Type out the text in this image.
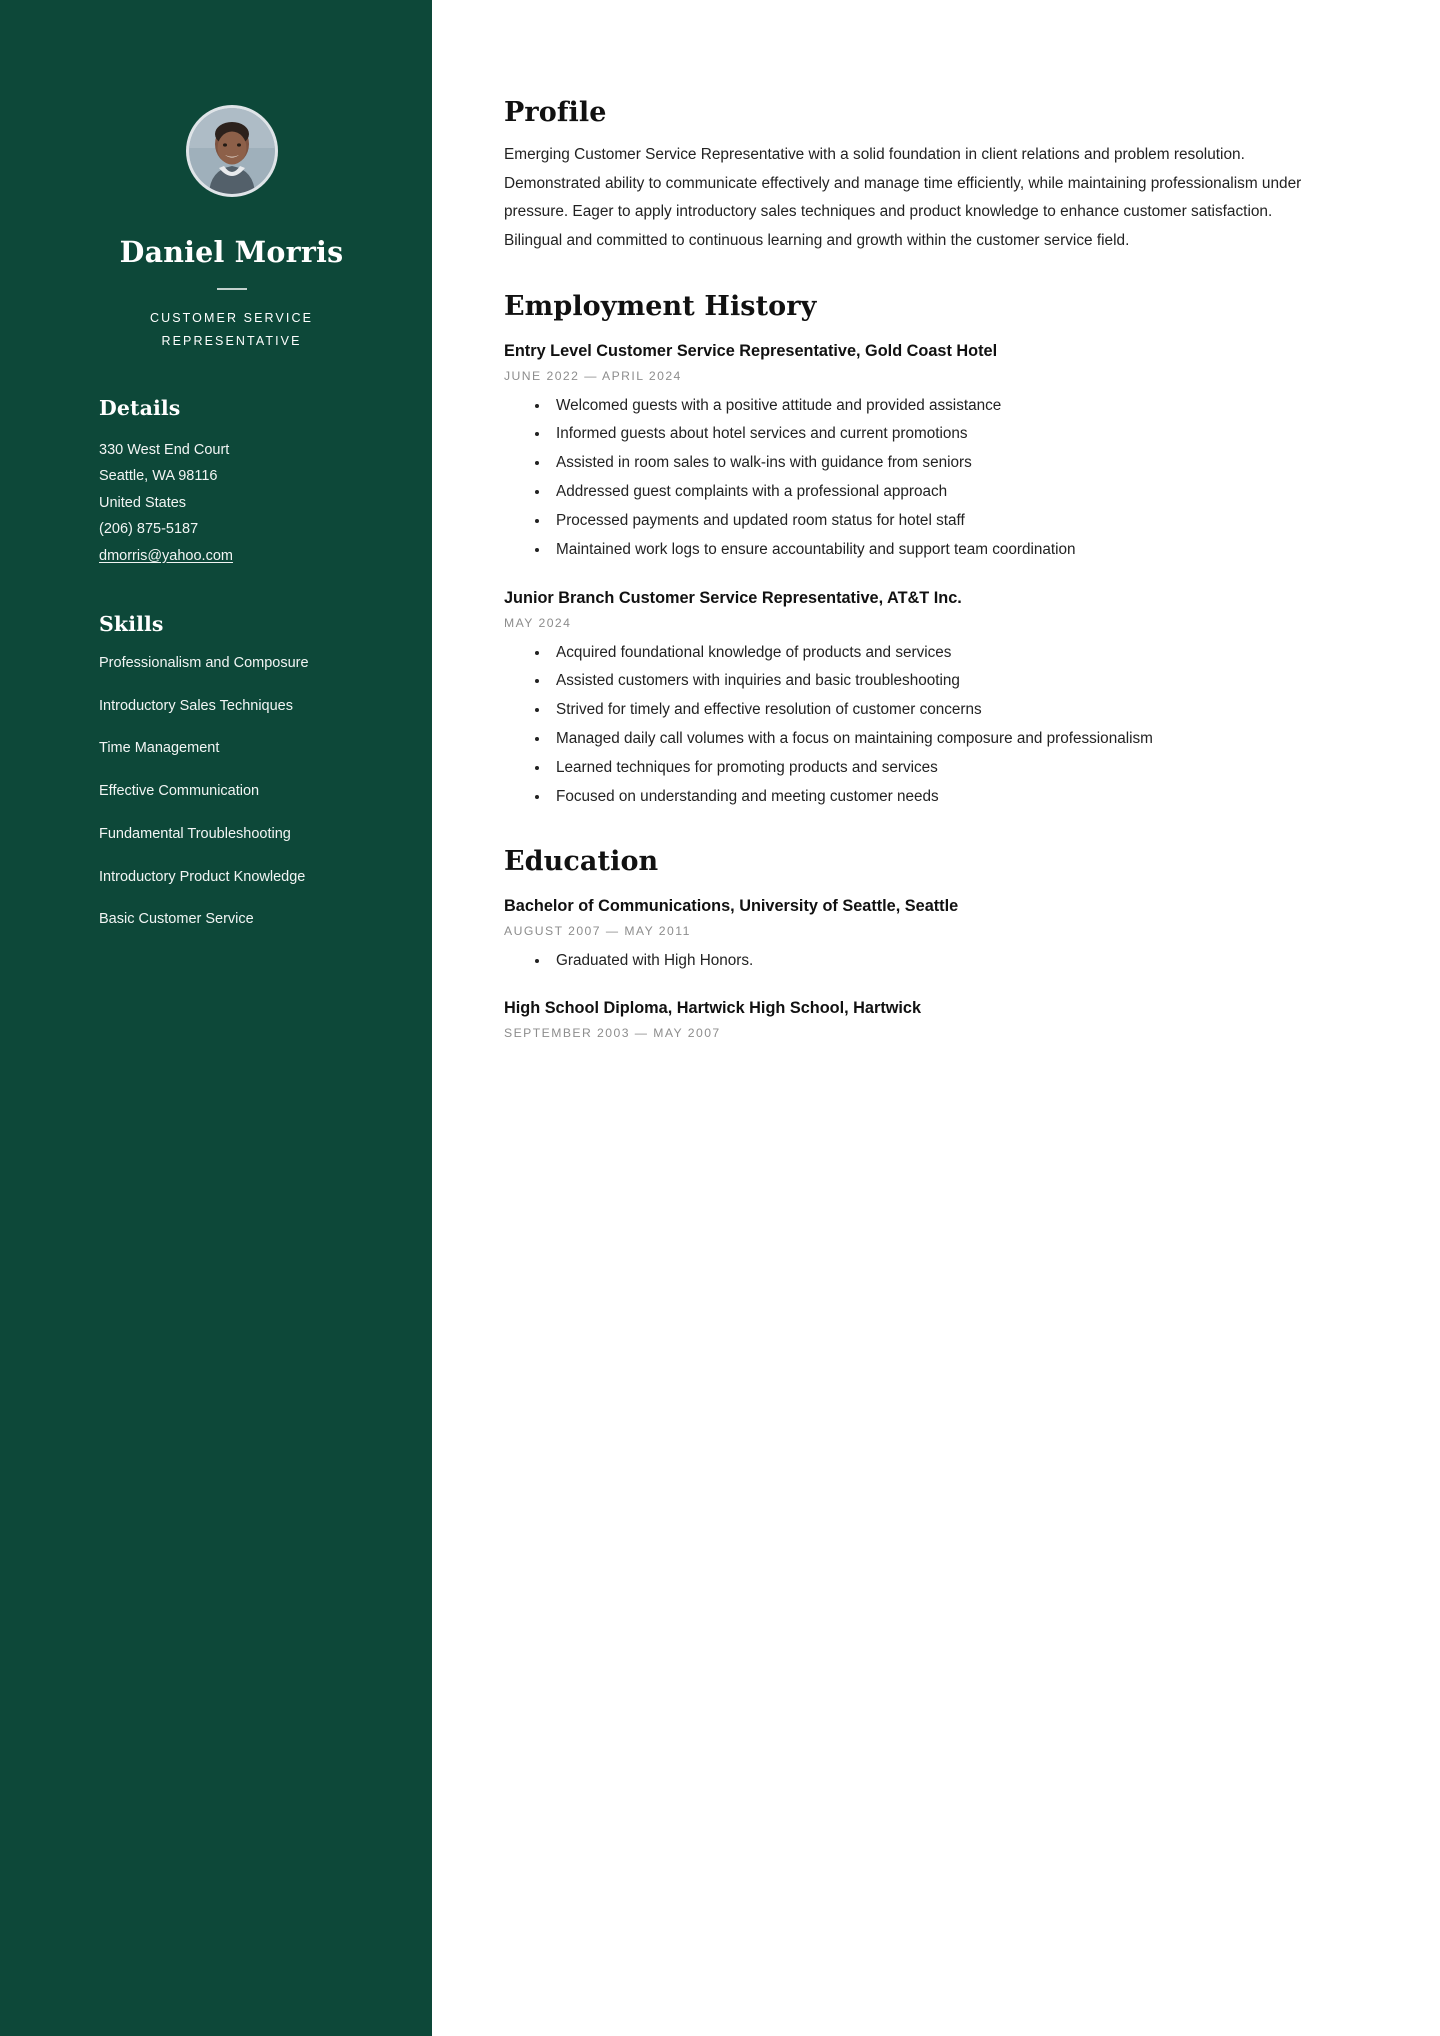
Daniel Morris
CUSTOMER SERVICE REPRESENTATIVE
Details
330 West End Court
Seattle, WA 98116
United States
(206) 875-5187
dmorris@yahoo.com
Skills
Professionalism and Composure
Introductory Sales Techniques
Time Management
Effective Communication
Fundamental Troubleshooting
Introductory Product Knowledge
Basic Customer Service
Profile

Emerging Customer Service Representative with a solid foundation in client relations and problem resolution. Demonstrated ability to communicate effectively and manage time efficiently, while maintaining professionalism under pressure. Eager to apply introductory sales techniques and product knowledge to enhance customer satisfaction. Bilingual and committed to continuous learning and growth within the customer service field.

Employment History
Entry Level Customer Service Representative, Gold Coast Hotel
JUNE 2022 — APRIL 2024
• Welcomed guests with a positive attitude and provided assistance
• Informed guests about hotel services and current promotions
• Assisted in room sales to walk-ins with guidance from seniors
• Addressed guest complaints with a professional approach
• Processed payments and updated room status for hotel staff
• Maintained work logs to ensure accountability and support team coordination
Junior Branch Customer Service Representative, AT&T Inc.
MAY 2024
• Acquired foundational knowledge of products and services
• Assisted customers with inquiries and basic troubleshooting
• Strived for timely and effective resolution of customer concerns
• Managed daily call volumes with a focus on maintaining composure and professionalism
• Learned techniques for promoting products and services
• Focused on understanding and meeting customer needs
Education
Bachelor of Communications, University of Seattle, Seattle
AUGUST 2007 — MAY 2011
• Graduated with High Honors.
High School Diploma, Hartwick High School, Hartwick
SEPTEMBER 2003 — MAY 2007
